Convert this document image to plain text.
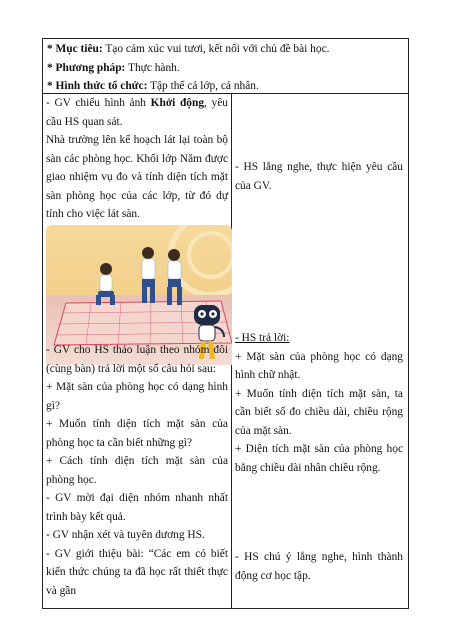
* Mục tiêu: Tạo cảm xúc vui tươi, kết nối với chủ đề bài học.

* Phương pháp: Thực hành.

* Hình thức tổ chức: Tập thể cả lớp, cá nhân.

- GV chiếu hình ảnh Khởi động, yêu cầu HS quan sát.

Nhà trường lên kế hoạch lát lại toàn bộ sàn các phòng học. Khối lớp Năm được giao nhiệm vụ đo và tính diện tích mặt sàn phòng học của các lớp, từ đó dự tính cho việc lát sàn.

- GV cho HS thảo luận theo nhóm đôi (cùng bàn) trả lời một số câu hỏi sau:

+ Mặt sàn của phòng học có dạng hình gì?

+ Muốn tính diện tích mặt sàn của phòng học ta cần biết những gì?

+ Cách tính diện tích mặt sàn của phòng học.

- GV mời đại diện nhóm nhanh nhất trình bày kết quả.

- GV nhận xét và tuyên dương HS.

- GV giới thiệu bài: “Các em có biết kiến thức chúng ta đã học rất thiết thực và gần

- HS lắng nghe, thực hiện yêu cầu của GV.

- HS trả lời:

+ Mặt sàn của phòng học có dạng hình chữ nhật.

+ Muốn tính diện tích mặt sàn, ta cần biết số đo chiều dài, chiều rộng của mặt sàn.

+ Diện tích mặt sàn của phòng học bằng chiều dài nhân chiều rộng.

- HS chú ý lắng nghe, hình thành động cơ học tập.
